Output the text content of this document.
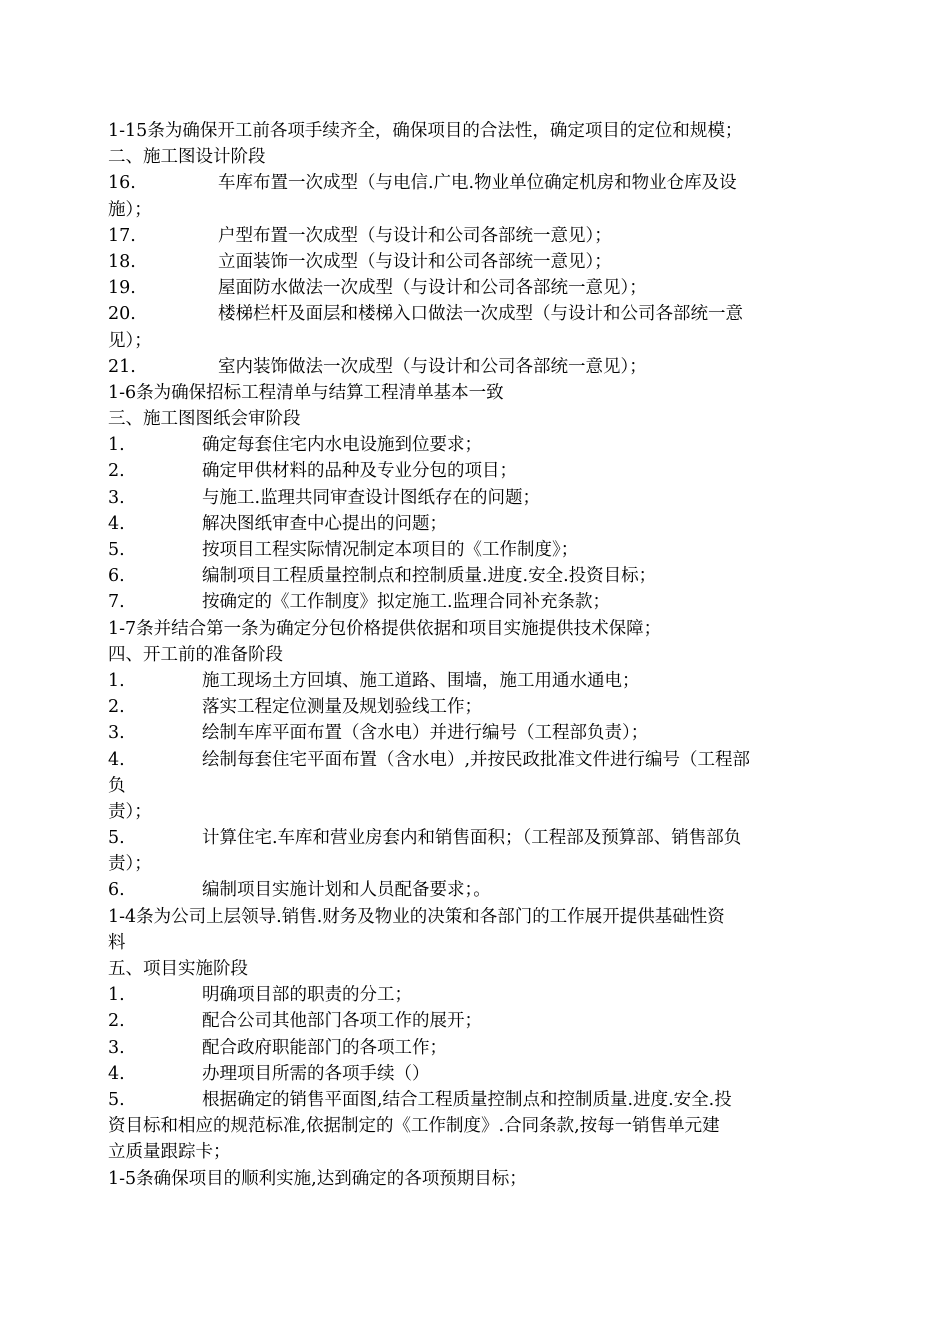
1-15条为确保开工前各项手续齐全，确保项目的合法性，确定项目的定位和规模；
二、施工图设计阶段
16.	车库布置一次成型（与电信.广电.物业单位确定机房和物业仓库及设
施）；
17.	户型布置一次成型（与设计和公司各部统一意见）；
18.	立面装饰一次成型（与设计和公司各部统一意见）；
19.	屋面防水做法一次成型（与设计和公司各部统一意见）；
20.	楼梯栏杆及面层和楼梯入口做法一次成型（与设计和公司各部统一意
见）；
21.	室内装饰做法一次成型（与设计和公司各部统一意见）；
1-6条为确保招标工程清单与结算工程清单基本一致
三、施工图图纸会审阶段
1.	确定每套住宅内水电设施到位要求；
2.	确定甲供材料的品种及专业分包的项目；
3.	与施工.监理共同审查设计图纸存在的问题；
4.	解决图纸审查中心提出的问题；
5.	按项目工程实际情况制定本项目的《工作制度》；
6.	编制项目工程质量控制点和控制质量.进度.安全.投资目标；
7.	按确定的《工作制度》拟定施工.监理合同补充条款；
1-7条并结合第一条为确定分包价格提供依据和项目实施提供技术保障；
四、开工前的准备阶段
1.	施工现场土方回填、施工道路、围墙，施工用通水通电；
2.	落实工程定位测量及规划验线工作；
3.	绘制车库平面布置（含水电）并进行编号（工程部负责）；
4.	绘制每套住宅平面布置（含水电）,并按民政批准文件进行编号（工程部
负
责）；
5.	计算住宅.车库和营业房套内和销售面积；（工程部及预算部、销售部负
责）；
6.	编制项目实施计划和人员配备要求；。
1-4条为公司上层领导.销售.财务及物业的决策和各部门的工作展开提供基础性资
料
五、项目实施阶段
1.	明确项目部的职责的分工；
2.	配合公司其他部门各项工作的展开；
3.	配合政府职能部门的各项工作；
4.	办理项目所需的各项手续（）
5.	根据确定的销售平面图,结合工程质量控制点和控制质量.进度.安全.投
资目标和相应的规范标准,依据制定的《工作制度》.合同条款,按每一销售单元建
立质量跟踪卡；
1-5条确保项目的顺利实施,达到确定的各项预期目标；
